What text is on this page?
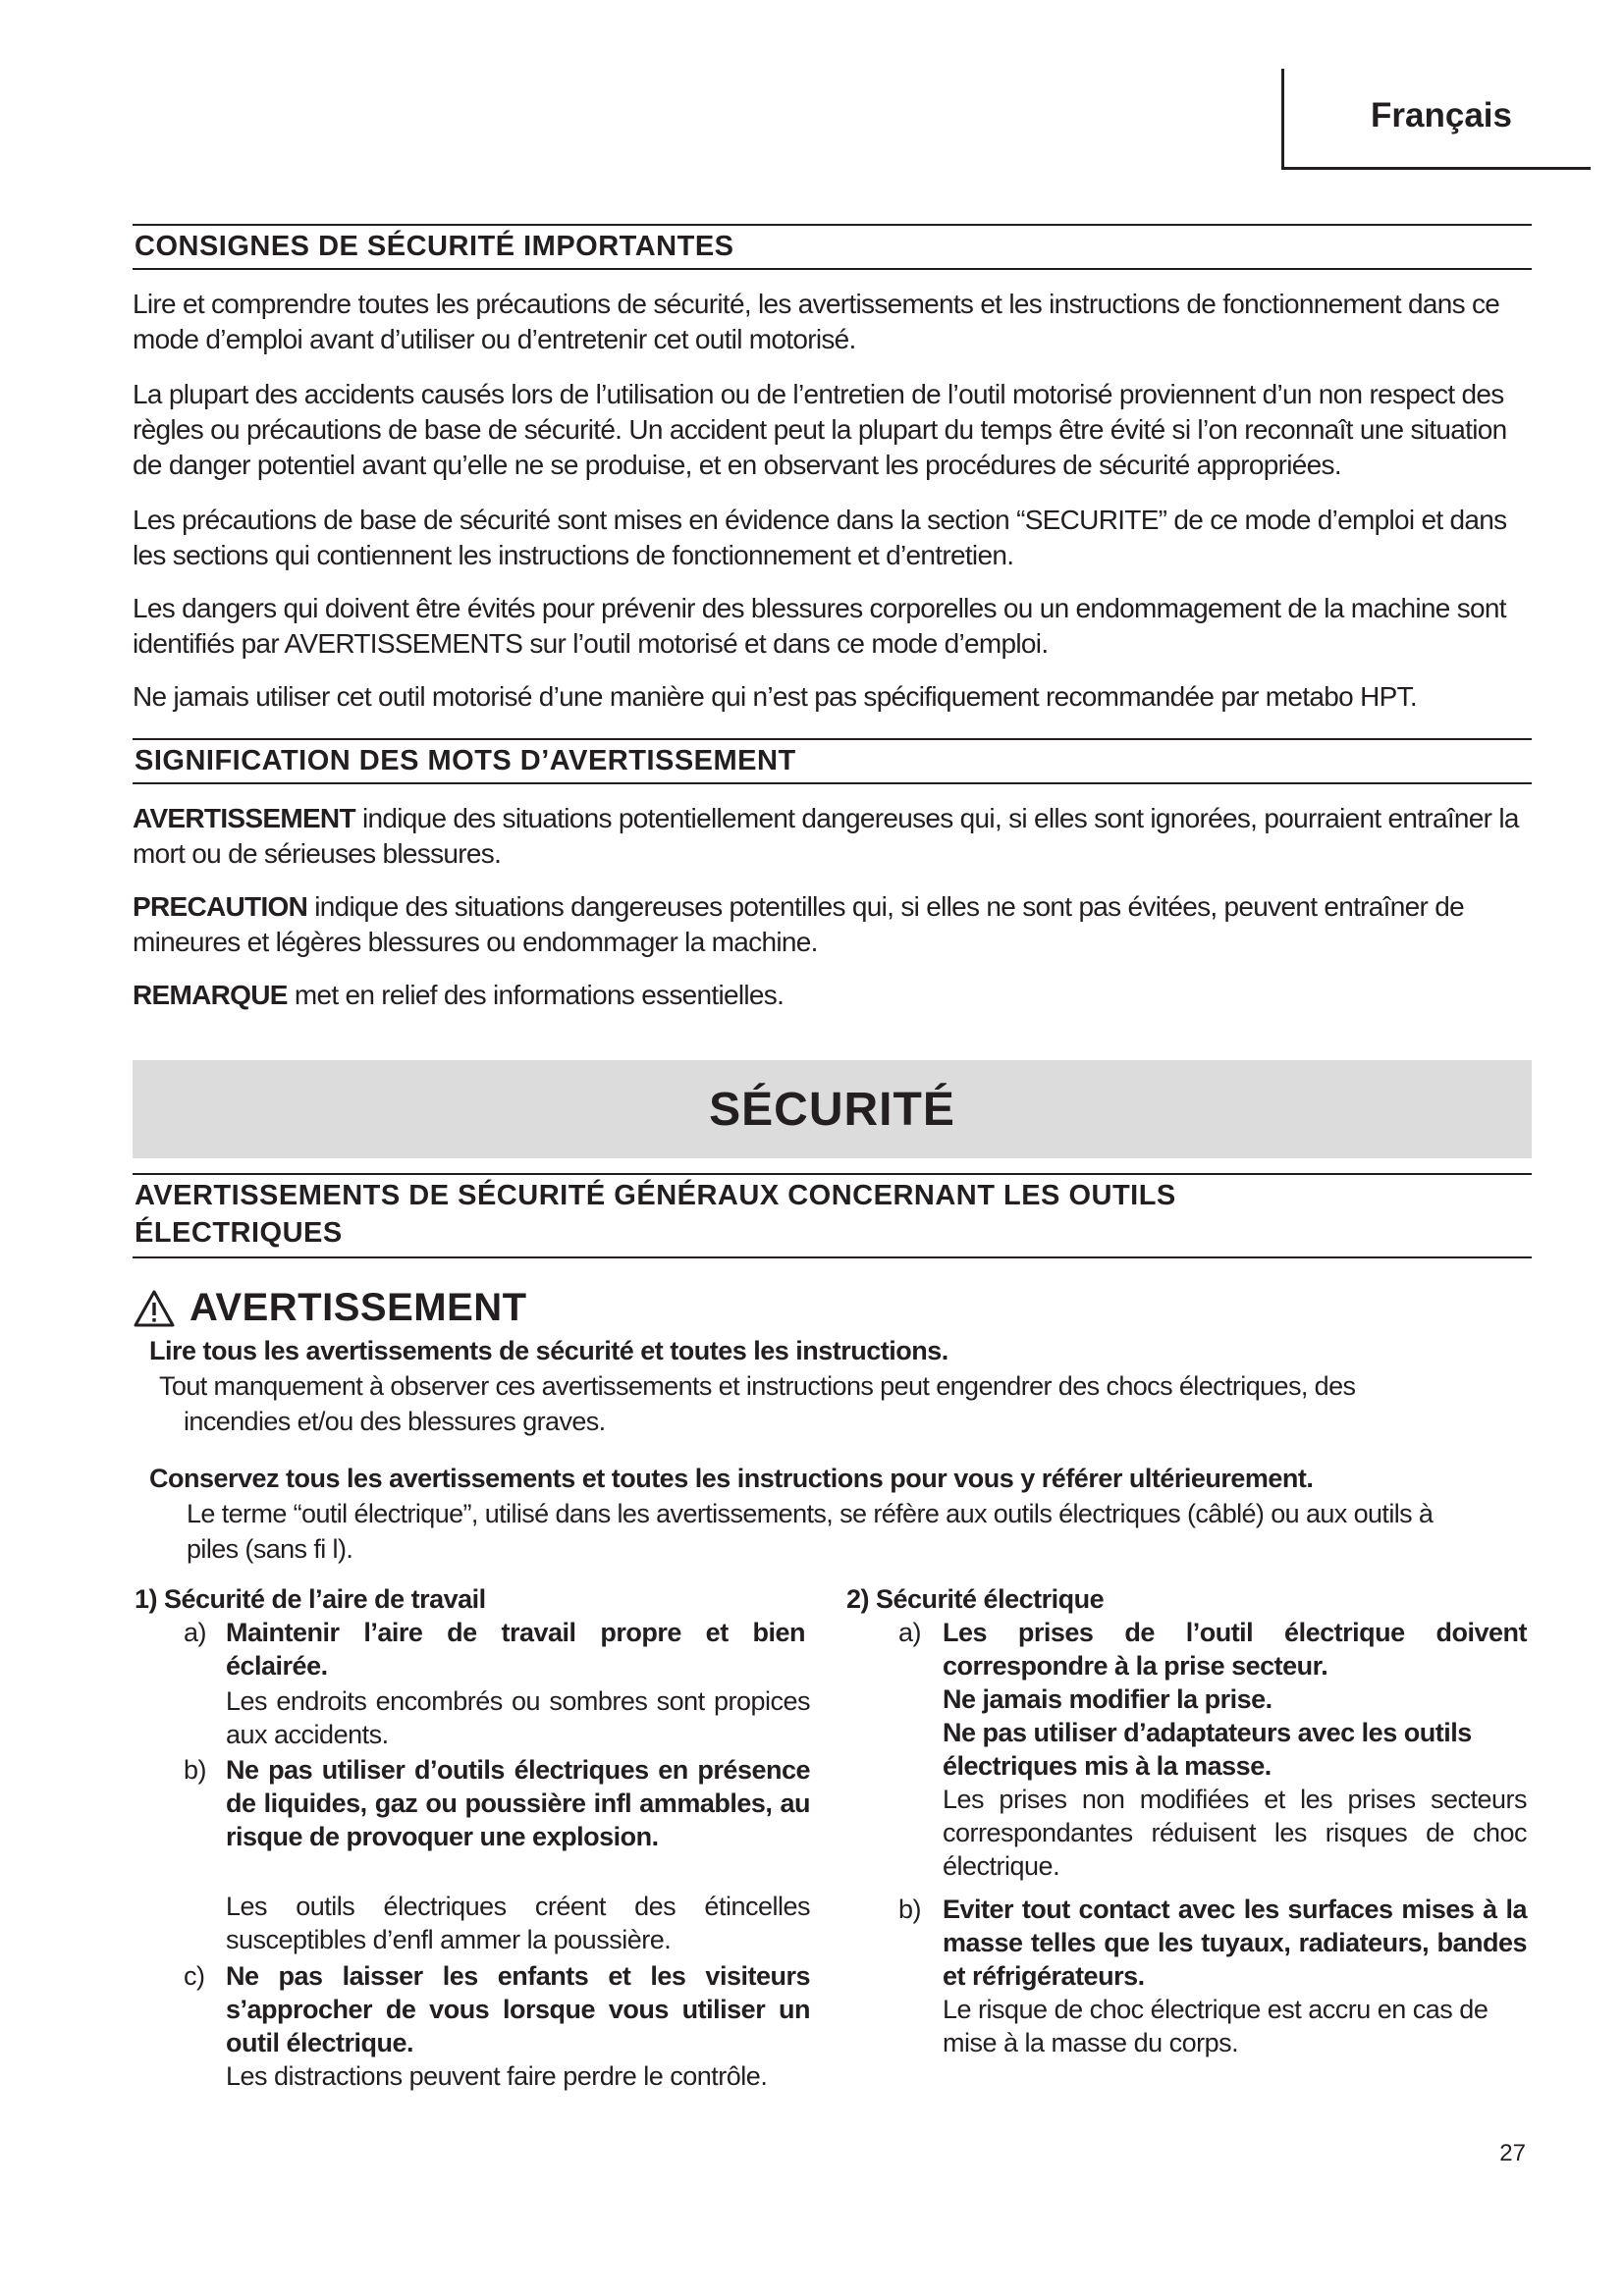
Français
CONSIGNES DE SÉCURITÉ IMPORTANTES

Lire et comprendre toutes les précautions de sécurité, les avertissements et les instructions de fonctionnement dans ce mode d’emploi avant d’utiliser ou d’entretenir cet outil motorisé.

La plupart des accidents causés lors de l’utilisation ou de l’entretien de l’outil motorisé proviennent d’un non respect des règles ou précautions de base de sécurité. Un accident peut la plupart du temps être évité si l’on reconnaît une situation de danger potentiel avant qu’elle ne se produise, et en observant les procédures de sécurité appropriées.

Les précautions de base de sécurité sont mises en évidence dans la section “SECURITE” de ce mode d’emploi et dans les sections qui contiennent les instructions de fonctionnement et d’entretien.

Les dangers qui doivent être évités pour prévenir des blessures corporelles ou un endommagement de la machine sont identifiés par AVERTISSEMENTS sur l’outil motorisé et dans ce mode d’emploi.

Ne jamais utiliser cet outil motorisé d’une manière qui n’est pas spécifiquement recommandée par metabo HPT.

SIGNIFICATION DES MOTS D’AVERTISSEMENT

AVERTISSEMENT indique des situations potentiellement dangereuses qui, si elles sont ignorées, pourraient entraîner la mort ou de sérieuses blessures.

PRECAUTION indique des situations dangereuses potentilles qui, si elles ne sont pas évitées, peuvent entraîner de mineures et légères blessures ou endommager la machine.

REMARQUE met en relief des informations essentielles.

SÉCURITÉ
AVERTISSEMENTS DE SÉCURITÉ GÉNÉRAUX CONCERNANT LES OUTILS
ÉLECTRIQUES
AVERTISSEMENT
Lire tous les avertissements de sécurité et toutes les instructions.
Tout manquement à observer ces avertissements et instructions peut engendrer des chocs électriques, des
incendies et/ou des blessures graves.
Conservez tous les avertissements et toutes les instructions pour vous y référer ultérieurement.
Le terme “outil électrique”, utilisé dans les avertissements, se réfère aux outils électriques (câblé) ou aux outils à
piles (sans fi l).
1) Sécurité de l’aire de travail
a) Maintenir l’aire de travail propre et bien éclairée.
Les endroits encombrés ou sombres sont propices aux accidents.
b) Ne pas utiliser d’outils électriques en présence de liquides, gaz ou poussière infl ammables, au risque de provoquer une explosion.
Les outils électriques créent des étincelles susceptibles d’enfl ammer la poussière.
c) Ne pas laisser les enfants et les visiteurs s’approcher de vous lorsque vous utiliser un outil électrique.
Les distractions peuvent faire perdre le contrôle.
2) Sécurité électrique
a) Les prises de l’outil électrique doivent correspondre à la prise secteur.
Ne jamais modifier la prise.
Ne pas utiliser d’adaptateurs avec les outils électriques mis à la masse.
Les prises non modifiées et les prises secteurs correspondantes réduisent les risques de choc électrique.
b) Eviter tout contact avec les surfaces mises à la masse telles que les tuyaux, radiateurs, bandes et réfrigérateurs.
Le risque de choc électrique est accru en cas de mise à la masse du corps.
27
